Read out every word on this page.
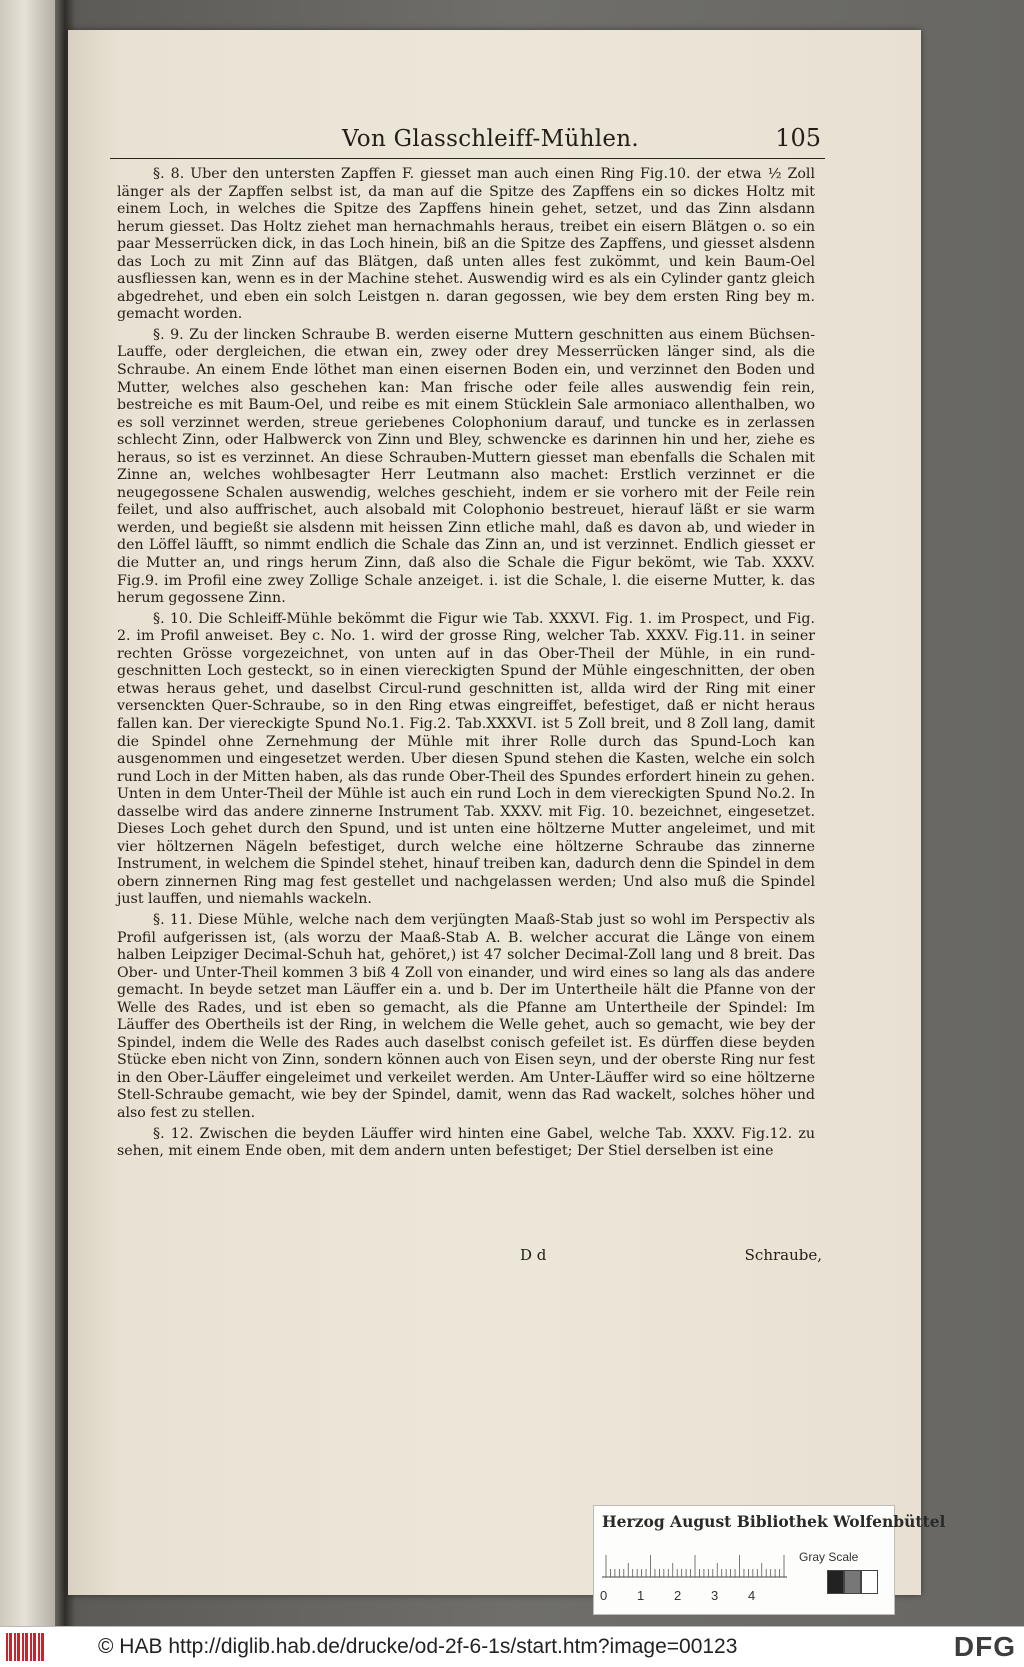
Von Glasschleiff-Mühlen.	105

§. 8. Uber den untersten Zapffen F. giesset man auch einen Ring Fig.10. der etwa ½ Zoll länger als der Zapffen selbst ist, da man auf die Spitze des Zapffens ein so dickes Holtz mit einem Loch, in welches die Spitze des Zapffens hinein gehet, setzet, und das Zinn alsdann herum giesset. Das Holtz ziehet man hernachmahls heraus, treibet ein eisern Blätgen o. so ein paar Messerrücken dick, in das Loch hinein, biß an die Spitze des Zapffens, und giesset alsdenn das Loch zu mit Zinn auf das Blätgen, daß unten alles fest zukömmt, und kein Baum-Oel ausfliessen kan, wenn es in der Machine stehet. Auswendig wird es als ein Cylinder gantz gleich abgedrehet, und eben ein solch Leistgen n. daran gegossen, wie bey dem ersten Ring bey m. gemacht worden.

§. 9. Zu der lincken Schraube B. werden eiserne Muttern geschnitten aus einem Büchsen-Lauffe, oder dergleichen, die etwan ein, zwey oder drey Messerrücken länger sind, als die Schraube. An einem Ende löthet man einen eisernen Boden ein, und verzinnet den Boden und Mutter, welches also geschehen kan: Man frische oder feile alles auswendig fein rein, bestreiche es mit Baum-Oel, und reibe es mit einem Stücklein Sale armoniaco allenthalben, wo es soll verzinnet werden, streue geriebenes Colophonium darauf, und tuncke es in zerlassen schlecht Zinn, oder Halbwerck von Zinn und Bley, schwencke es darinnen hin und her, ziehe es heraus, so ist es verzinnet. An diese Schrauben-Muttern giesset man ebenfalls die Schalen mit Zinne an, welches wohlbesagter Herr Leutmann also machet: Erstlich verzinnet er die neugegossene Schalen auswendig, welches geschieht, indem er sie vorhero mit der Feile rein feilet, und also auffrischet, auch alsobald mit Colophonio bestreuet, hierauf läßt er sie warm werden, und begießt sie alsdenn mit heissen Zinn etliche mahl, daß es davon ab, und wieder in den Löffel läufft, so nimmt endlich die Schale das Zinn an, und ist verzinnet. Endlich giesset er die Mutter an, und rings herum Zinn, daß also die Schale die Figur bekömt, wie Tab. XXXV. Fig.9. im Profil eine zwey Zollige Schale anzeiget. i. ist die Schale, l. die eiserne Mutter, k. das herum gegossene Zinn.

§. 10. Die Schleiff-Mühle bekömmt die Figur wie Tab. XXXVI. Fig. 1. im Prospect, und Fig. 2. im Profil anweiset. Bey c. No. 1. wird der grosse Ring, welcher Tab. XXXV. Fig.11. in seiner rechten Grösse vorgezeichnet, von unten auf in das Ober-Theil der Mühle, in ein rund-geschnitten Loch gesteckt, so in einen viereckigten Spund der Mühle eingeschnitten, der oben etwas heraus gehet, und daselbst Circul-rund geschnitten ist, allda wird der Ring mit einer versenckten Quer-Schraube, so in den Ring etwas eingreiffet, befestiget, daß er nicht heraus fallen kan. Der viereckigte Spund No.1. Fig.2. Tab.XXXVI. ist 5 Zoll breit, und 8 Zoll lang, damit die Spindel ohne Zernehmung der Mühle mit ihrer Rolle durch das Spund-Loch kan ausgenommen und eingesetzet werden. Uber diesen Spund stehen die Kasten, welche ein solch rund Loch in der Mitten haben, als das runde Ober-Theil des Spundes erfordert hinein zu gehen. Unten in dem Unter-Theil der Mühle ist auch ein rund Loch in dem viereckigten Spund No.2. In dasselbe wird das andere zinnerne Instrument Tab. XXXV. mit Fig. 10. bezeichnet, eingesetzet. Dieses Loch gehet durch den Spund, und ist unten eine höltzerne Mutter angeleimet, und mit vier höltzernen Nägeln befestiget, durch welche eine höltzerne Schraube das zinnerne Instrument, in welchem die Spindel stehet, hinauf treiben kan, dadurch denn die Spindel in dem obern zinnernen Ring mag fest gestellet und nachgelassen werden; Und also muß die Spindel just lauffen, und niemahls wackeln.

§. 11. Diese Mühle, welche nach dem verjüngten Maaß-Stab just so wohl im Perspectiv als Profil aufgerissen ist, (als worzu der Maaß-Stab A. B. welcher accurat die Länge von einem halben Leipziger Decimal-Schuh hat, gehöret,) ist 47 solcher Decimal-Zoll lang und 8 breit. Das Ober- und Unter-Theil kommen 3 biß 4 Zoll von einander, und wird eines so lang als das andere gemacht. In beyde setzet man Läuffer ein a. und b. Der im Untertheile hält die Pfanne von der Welle des Rades, und ist eben so gemacht, als die Pfanne am Untertheile der Spindel: Im Läuffer des Obertheils ist der Ring, in welchem die Welle gehet, auch so gemacht, wie bey der Spindel, indem die Welle des Rades auch daselbst conisch gefeilet ist. Es dürffen diese beyden Stücke eben nicht von Zinn, sondern können auch von Eisen seyn, und der oberste Ring nur fest in den Ober-Läuffer eingeleimet und verkeilet werden. Am Unter-Läuffer wird so eine höltzerne Stell-Schraube gemacht, wie bey der Spindel, damit, wenn das Rad wackelt, solches höher und also fest zu stellen.

§. 12. Zwischen die beyden Läuffer wird hinten eine Gabel, welche Tab. XXXV. Fig.12. zu sehen, mit einem Ende oben, mit dem andern unten befestiget; Der Stiel derselben ist eine

D d	Schraube,
Herzog August Bibliothek Wolfenbüttel
Gray Scale
0 1 2 3 4
© HAB http://diglib.hab.de/drucke/od-2f-6-1s/start.htm?image=00123	DFG
